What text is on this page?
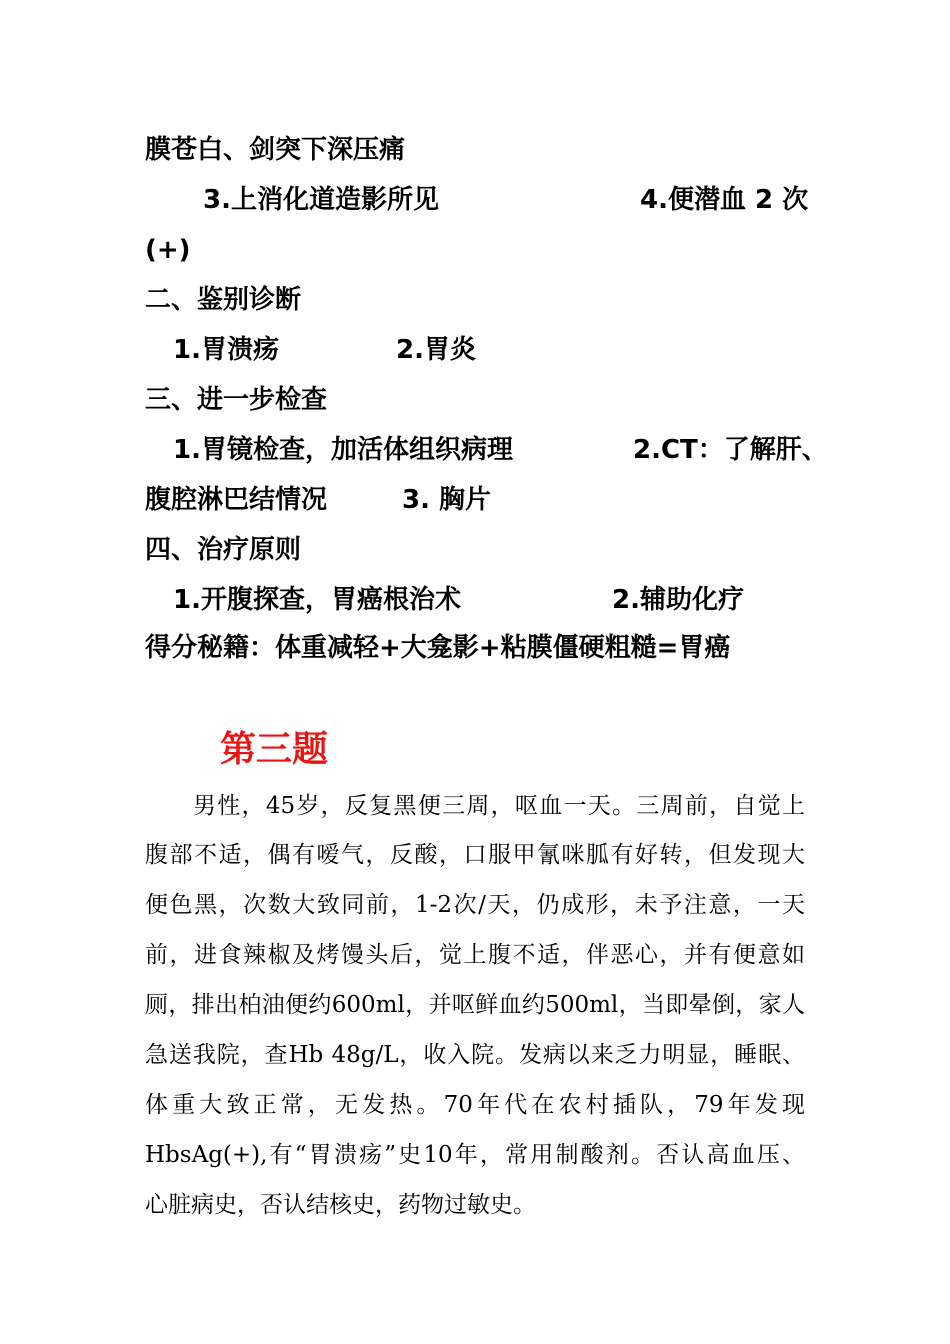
膜苍白、剑突下深压痛
3.上消化道造影所见	4.便潜血 2 次
(+)
二、鉴别诊断
1.胃溃疡	2.胃炎
三、进一步检查
1.胃镜检查，加活体组织病理	2.CT：了解肝、
腹腔淋巴结情况	3. 胸片
四、治疗原则
1.开腹探查，胃癌根治术	2.辅助化疗
得分秘籍：体重减轻+大龛影+粘膜僵硬粗糙=胃癌
第三题
男性，45岁，反复黑便三周，呕血一天。三周前，自觉上
腹部不适，偶有嗳气，反酸，口服甲氰咪胍有好转，但发现大
便色黑，次数大致同前，1-2次/天，仍成形，未予注意，一天
前，进食辣椒及烤馒头后，觉上腹不适，伴恶心，并有便意如
厕，排出柏油便约600ml，并呕鲜血约500ml，当即晕倒，家人
急送我院，查Hb 48g/L，收入院。发病以来乏力明显，睡眠、
体重大致正常，无发热。70年代在农村插队，79年发现
HbsAg(+),有“胃溃疡”史10年，常用制酸剂。否认高血压、
心脏病史，否认结核史，药物过敏史。
